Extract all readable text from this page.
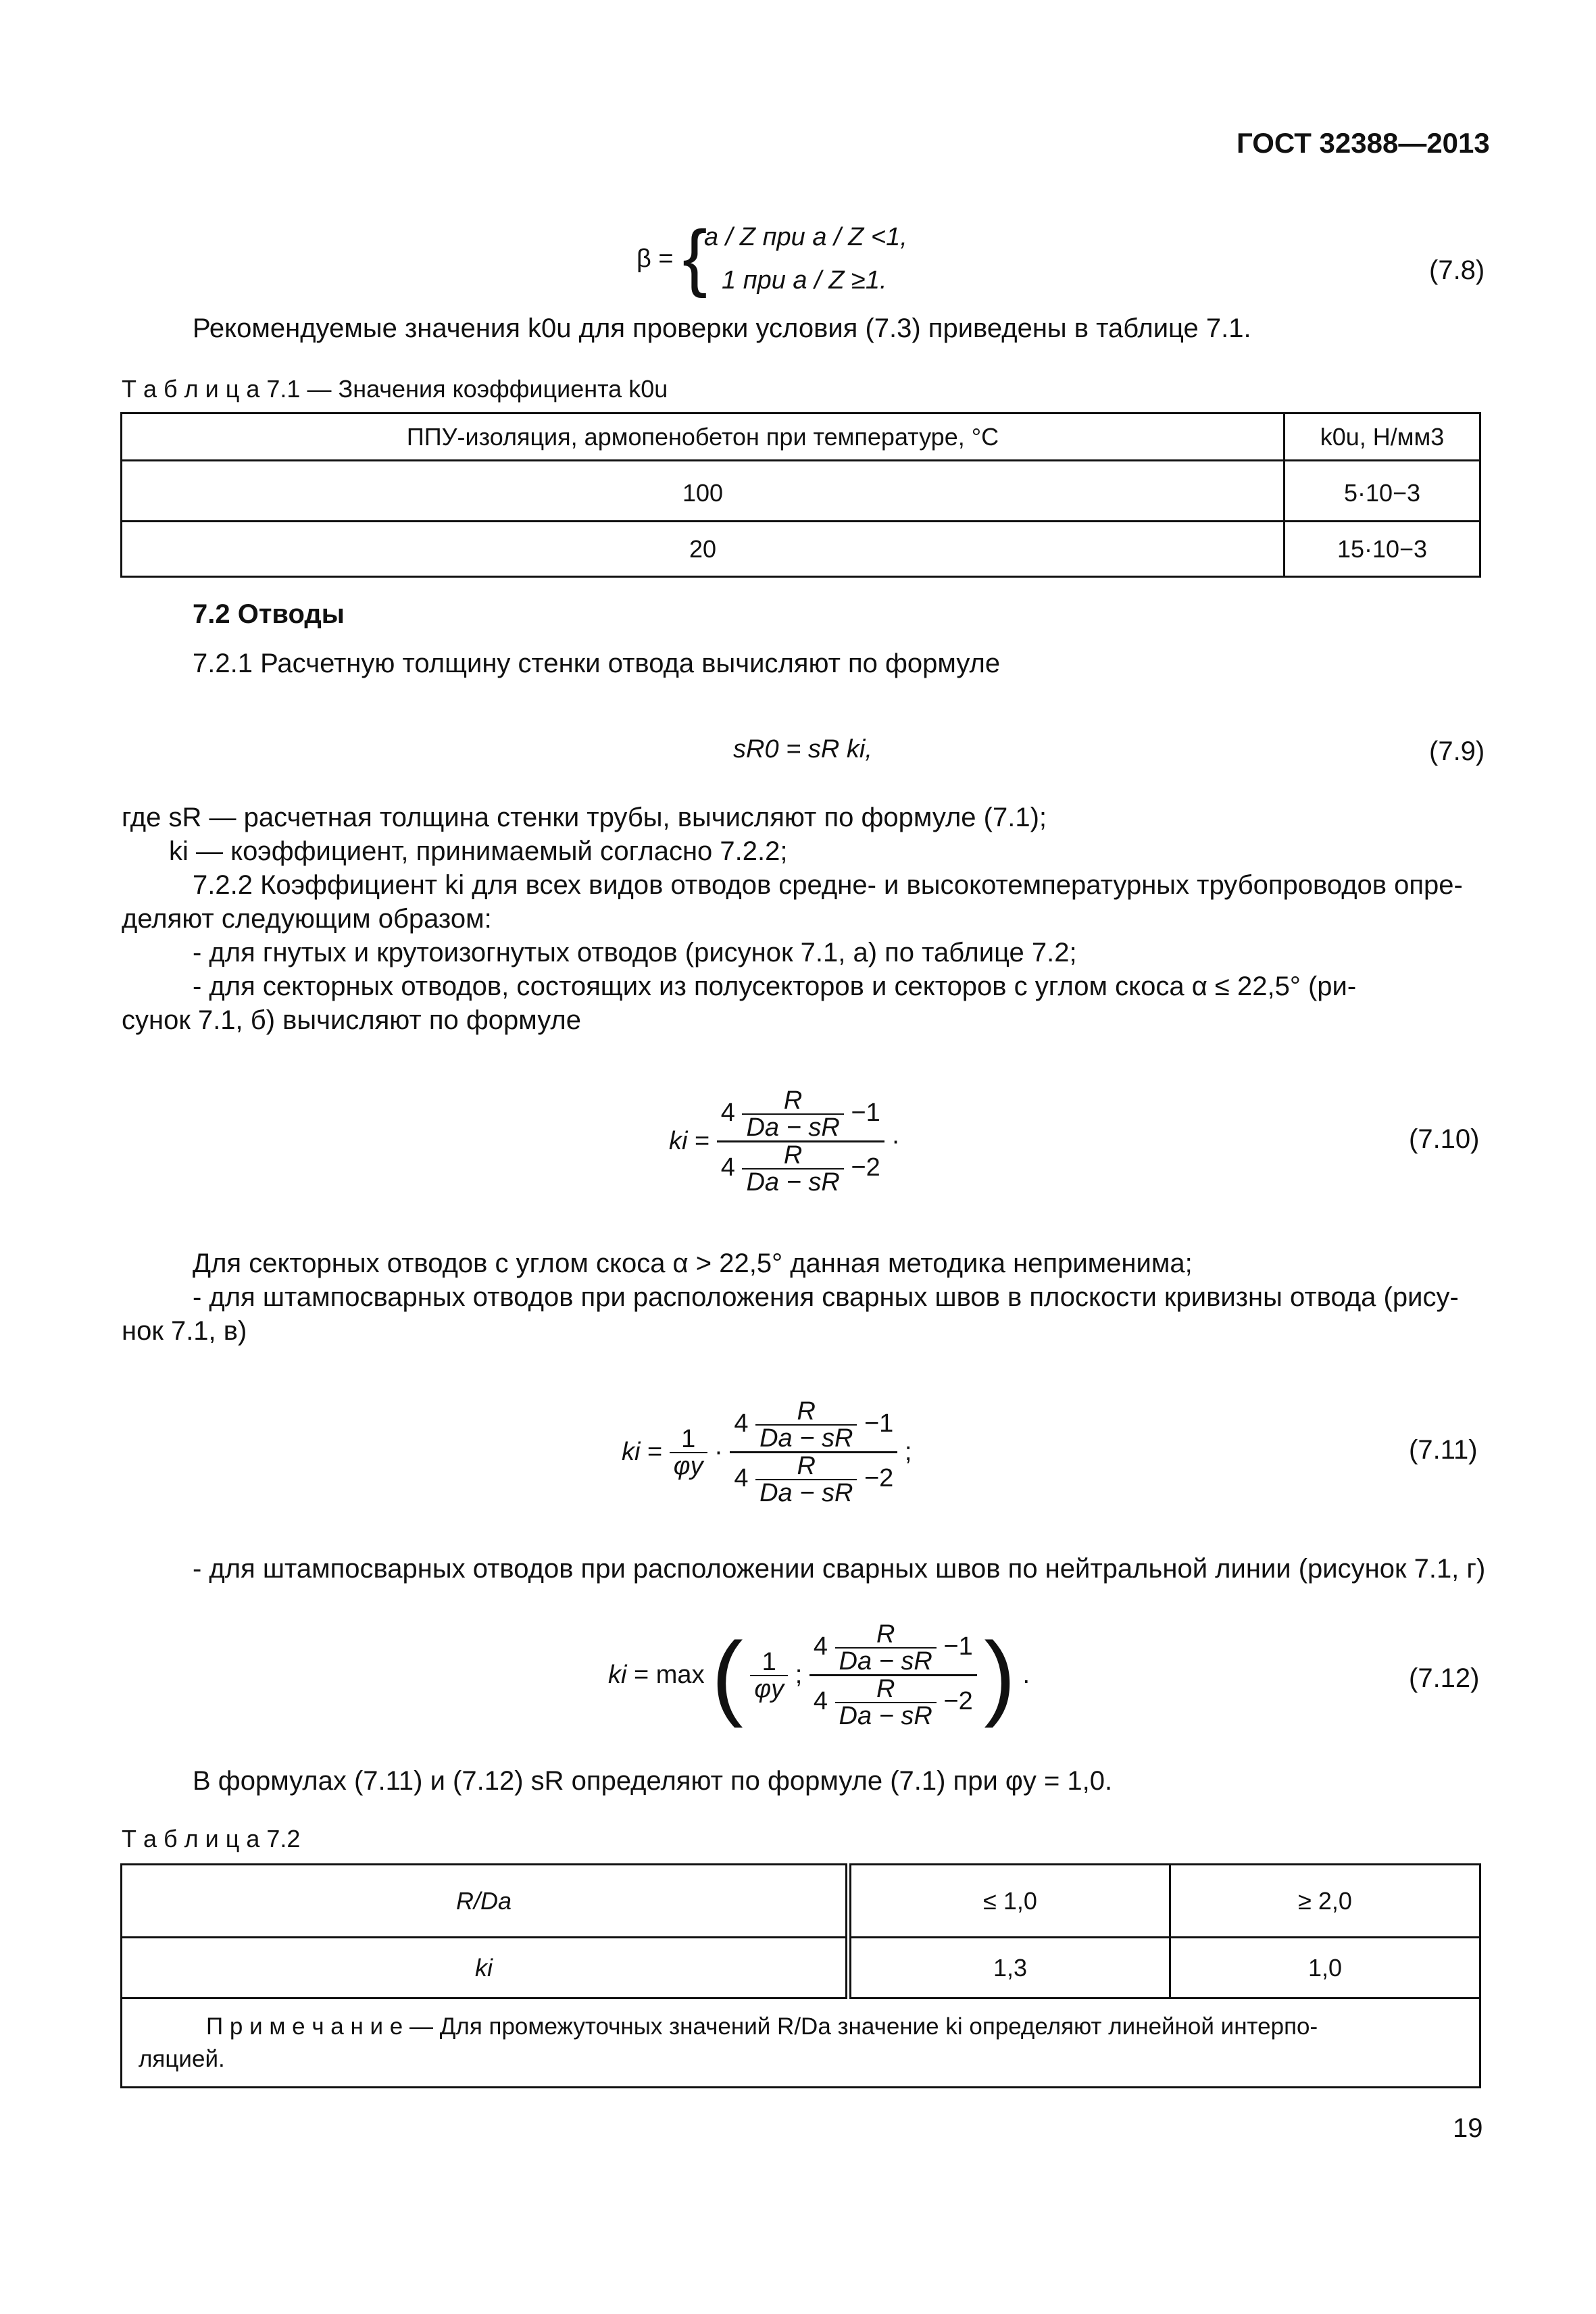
ГОСТ 32388—2013
β = {
a / Z при a / Z <1,
1 при a / Z ≥1.	(7.8)
Рекомендуемые значения k0u для проверки условия (7.3) приведены в таблице 7.1.
Т а б л и ц а 7.1 — Значения коэффициента k0u
ППУ-изоляция, армопенобетон при температуре, °С	k0u, Н/мм3

100	5·10−3
20	15·10−3
7.2 Отводы
7.2.1 Расчетную толщину стенки отвода вычисляют по формуле
sR0 = sR ki,	(7.9)
где sR — расчетная толщина стенки трубы, вычисляют по формуле (7.1);
ki — коэффициент, принимаемый согласно 7.2.2;
7.2.2 Коэффициент ki для всех видов отводов средне- и высокотемпературных трубопроводов опре-
деляют следующим образом:
- для гнутых и крутоизогнутых отводов (рисунок 7.1, а) по таблице 7.2;
- для секторных отводов, состоящих из полусекторов и секторов с углом скоса α ≤ 22,5° (ри-
сунок 7.1, б) вычисляют по формуле
ki = $\frac{4 \frac{R}{Da - sR} -1}{4 \frac{R}{Da - sR} -2}$ ·	(7.10)
Для секторных отводов с углом скоса α > 22,5° данная методика неприменима;
- для штампосварных отводов при расположения сварных швов в плоскости кривизны отвода (рису-
нок 7.1, в)
ki = $\frac{1}{\varphi y} \cdot \frac{4 \frac{R}{Da - sR} -1}{4 \frac{R}{Da - sR} -2}$ ;	(7.11)
- для штампосварных отводов при расположении сварных швов по нейтральной линии (рисунок 7.1, г)
ki = max ( $\frac{1}{\varphi y}$ ; $\frac{4 \frac{R}{Da - sR} -1}{4 \frac{R}{Da - sR} -2}$ ) .	(7.12)
В формулах (7.11) и (7.12) sR определяют по формуле (7.1) при φy = 1,0.
Т а б л и ц а 7.2
R/Da	≤ 1,0	≥ 2,0
ki	1,3	1,0

П р и м е ч а н и е — Для промежуточных значений R/Da значение ki определяют линейной интерпо-
ляцией.		
19
